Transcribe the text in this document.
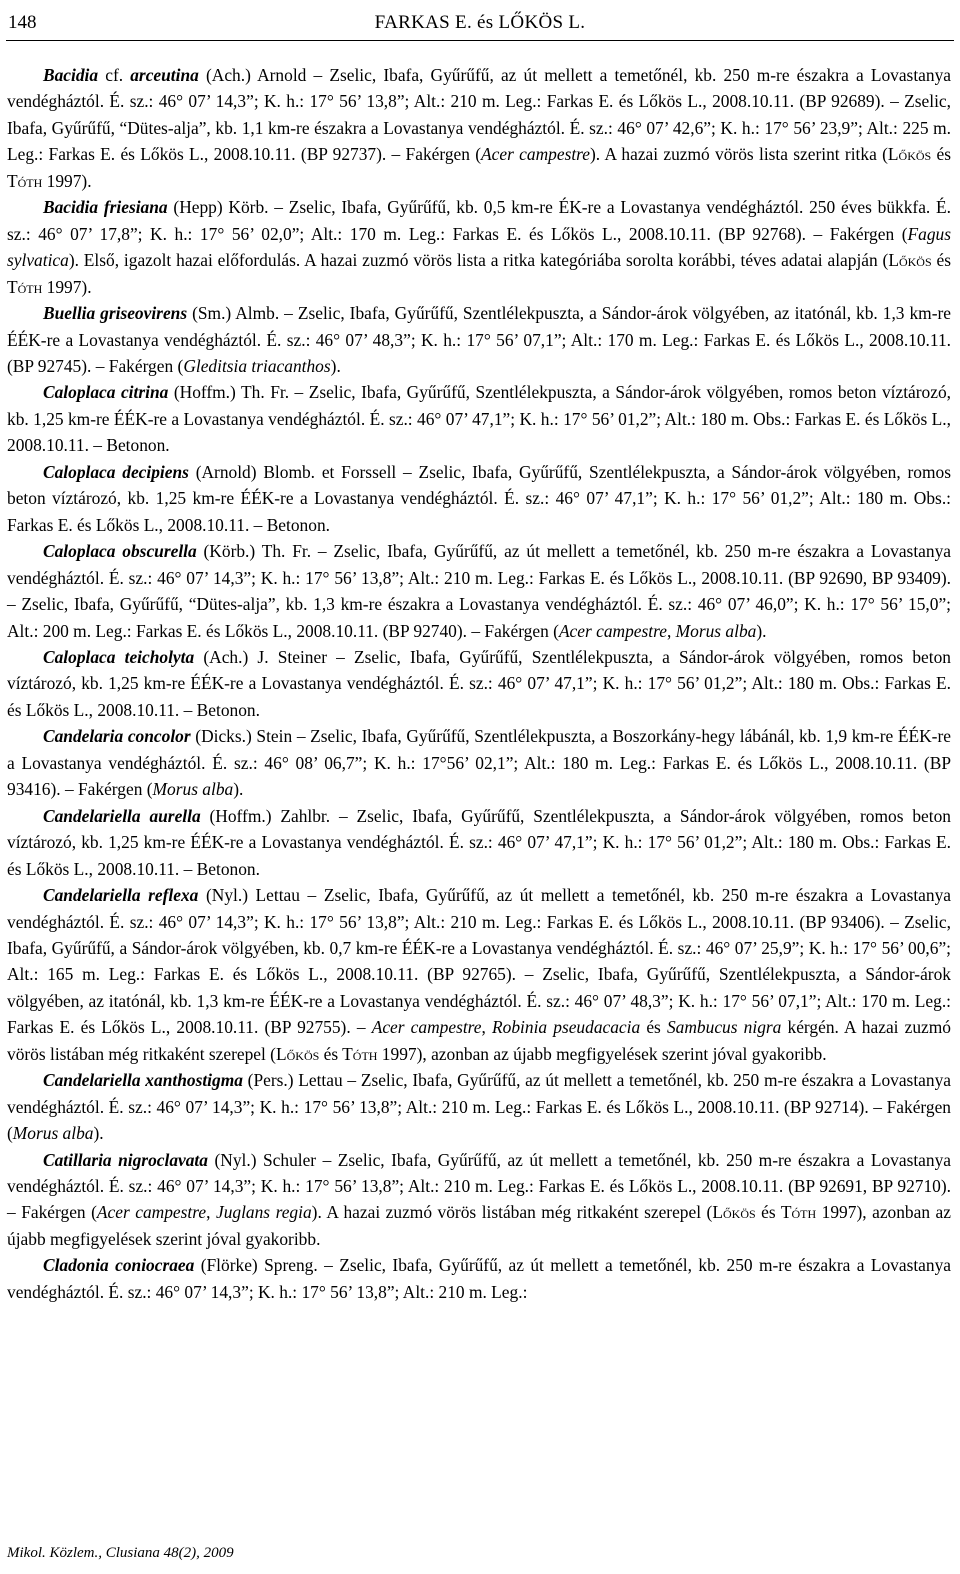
148	FARKAS E. és LŐKÖS L.

Bacidia cf. arceutina (Ach.) Arnold – Zselic, Ibafa, Gyűrűfű, az út mellett a temetőnél, kb. 250 m-re északra a Lovastanya vendégháztól. É. sz.: 46° 07’ 14,3”; K. h.: 17° 56’ 13,8”; Alt.: 210 m. Leg.: Farkas E. és Lőkös L., 2008.10.11. (BP 92689). – Zselic, Ibafa, Gyűrűfű, “Dütes-alja”, kb. 1,1 km-re északra a Lovastanya vendégháztól. É. sz.: 46° 07’ 42,6”; K. h.: 17° 56’ 23,9”; Alt.: 225 m. Leg.: Farkas E. és Lőkös L., 2008.10.11. (BP 92737). – Fakérgen (Acer campestre). A hazai zuzmó vörös lista szerint ritka (Lőkös és Tóth 1997).

Bacidia friesiana (Hepp) Körb. – Zselic, Ibafa, Gyűrűfű, kb. 0,5 km-re ÉK-re a Lovastanya vendégháztól. 250 éves bükkfa. É. sz.: 46° 07’ 17,8”; K. h.: 17° 56’ 02,0”; Alt.: 170 m. Leg.: Farkas E. és Lőkös L., 2008.10.11. (BP 92768). – Fakérgen (Fagus sylvatica). Első, igazolt hazai előfordulás. A hazai zuzmó vörös lista a ritka kategóriába sorolta korábbi, téves adatai alapján (Lőkös és Tóth 1997).

Buellia griseovirens (Sm.) Almb. – Zselic, Ibafa, Gyűrűfű, Szentlélekpuszta, a Sándor-árok völgyében, az itatónál, kb. 1,3 km-re ÉÉK-re a Lovastanya vendégháztól. É. sz.: 46° 07’ 48,3”; K. h.: 17° 56’ 07,1”; Alt.: 170 m. Leg.: Farkas E. és Lőkös L., 2008.10.11. (BP 92745). – Fakérgen (Gleditsia triacanthos).

Caloplaca citrina (Hoffm.) Th. Fr. – Zselic, Ibafa, Gyűrűfű, Szentlélekpuszta, a Sándor-árok völgyében, romos beton víztározó, kb. 1,25 km-re ÉÉK-re a Lovastanya vendégháztól. É. sz.: 46° 07’ 47,1”; K. h.: 17° 56’ 01,2”; Alt.: 180 m. Obs.: Farkas E. és Lőkös L., 2008.10.11. – Betonon.

Caloplaca decipiens (Arnold) Blomb. et Forssell – Zselic, Ibafa, Gyűrűfű, Szentlélekpuszta, a Sándor-árok völgyében, romos beton víztározó, kb. 1,25 km-re ÉÉK-re a Lovastanya vendégháztól. É. sz.: 46° 07’ 47,1”; K. h.: 17° 56’ 01,2”; Alt.: 180 m. Obs.: Farkas E. és Lőkös L., 2008.10.11. – Betonon.

Caloplaca obscurella (Körb.) Th. Fr. – Zselic, Ibafa, Gyűrűfű, az út mellett a temetőnél, kb. 250 m-re északra a Lovastanya vendégháztól. É. sz.: 46° 07’ 14,3”; K. h.: 17° 56’ 13,8”; Alt.: 210 m. Leg.: Farkas E. és Lőkös L., 2008.10.11. (BP 92690, BP 93409). – Zselic, Ibafa, Gyűrűfű, “Dütes-alja”, kb. 1,3 km-re északra a Lovastanya vendégháztól. É. sz.: 46° 07’ 46,0”; K. h.: 17° 56’ 15,0”; Alt.: 200 m. Leg.: Farkas E. és Lőkös L., 2008.10.11. (BP 92740). – Fakérgen (Acer campestre, Morus alba).

Caloplaca teicholyta (Ach.) J. Steiner – Zselic, Ibafa, Gyűrűfű, Szentlélekpuszta, a Sándor-árok völgyében, romos beton víztározó, kb. 1,25 km-re ÉÉK-re a Lovastanya vendégháztól. É. sz.: 46° 07’ 47,1”; K. h.: 17° 56’ 01,2”; Alt.: 180 m. Obs.: Farkas E. és Lőkös L., 2008.10.11. – Betonon.

Candelaria concolor (Dicks.) Stein – Zselic, Ibafa, Gyűrűfű, Szentlélekpuszta, a Boszorkány-hegy lábánál, kb. 1,9 km-re ÉÉK-re a Lovastanya vendégháztól. É. sz.: 46° 08’ 06,7”; K. h.: 17°56’ 02,1”; Alt.: 180 m. Leg.: Farkas E. és Lőkös L., 2008.10.11. (BP 93416). – Fakérgen (Morus alba).

Candelariella aurella (Hoffm.) Zahlbr. – Zselic, Ibafa, Gyűrűfű, Szentlélekpuszta, a Sándor-árok völgyében, romos beton víztározó, kb. 1,25 km-re ÉÉK-re a Lovastanya vendégháztól. É. sz.: 46° 07’ 47,1”; K. h.: 17° 56’ 01,2”; Alt.: 180 m. Obs.: Farkas E. és Lőkös L., 2008.10.11. – Betonon.

Candelariella reflexa (Nyl.) Lettau – Zselic, Ibafa, Gyűrűfű, az út mellett a temetőnél, kb. 250 m-re északra a Lovastanya vendégháztól. É. sz.: 46° 07’ 14,3”; K. h.: 17° 56’ 13,8”; Alt.: 210 m. Leg.: Farkas E. és Lőkös L., 2008.10.11. (BP 93406). – Zselic, Ibafa, Gyűrűfű, a Sándor-árok völgyében, kb. 0,7 km-re ÉÉK-re a Lovastanya vendégháztól. É. sz.: 46° 07’ 25,9”; K. h.: 17° 56’ 00,6”; Alt.: 165 m. Leg.: Farkas E. és Lőkös L., 2008.10.11. (BP 92765). – Zselic, Ibafa, Gyűrűfű, Szentlélekpuszta, a Sándor-árok völgyében, az itatónál, kb. 1,3 km-re ÉÉK-re a Lovastanya vendégháztól. É. sz.: 46° 07’ 48,3”; K. h.: 17° 56’ 07,1”; Alt.: 170 m. Leg.: Farkas E. és Lőkös L., 2008.10.11. (BP 92755). – Acer campestre, Robinia pseudacacia és Sambucus nigra kérgén. A hazai zuzmó vörös listában még ritkaként szerepel (Lőkös és Tóth 1997), azonban az újabb megfigyelések szerint jóval gyakoribb.

Candelariella xanthostigma (Pers.) Lettau – Zselic, Ibafa, Gyűrűfű, az út mellett a temetőnél, kb. 250 m-re északra a Lovastanya vendégháztól. É. sz.: 46° 07’ 14,3”; K. h.: 17° 56’ 13,8”; Alt.: 210 m. Leg.: Farkas E. és Lőkös L., 2008.10.11. (BP 92714). – Fakérgen (Morus alba).

Catillaria nigroclavata (Nyl.) Schuler – Zselic, Ibafa, Gyűrűfű, az út mellett a temetőnél, kb. 250 m-re északra a Lovastanya vendégháztól. É. sz.: 46° 07’ 14,3”; K. h.: 17° 56’ 13,8”; Alt.: 210 m. Leg.: Farkas E. és Lőkös L., 2008.10.11. (BP 92691, BP 92710). – Fakérgen (Acer campestre, Juglans regia). A hazai zuzmó vörös listában még ritkaként szerepel (Lőkös és Tóth 1997), azonban az újabb megfigyelések szerint jóval gyakoribb.

Cladonia coniocraea (Flörke) Spreng. – Zselic, Ibafa, Gyűrűfű, az út mellett a temetőnél, kb. 250 m-re északra a Lovastanya vendégháztól. É. sz.: 46° 07’ 14,3”; K. h.: 17° 56’ 13,8”; Alt.: 210 m. Leg.:

Mikol. Közlem., Clusiana 48(2), 2009
